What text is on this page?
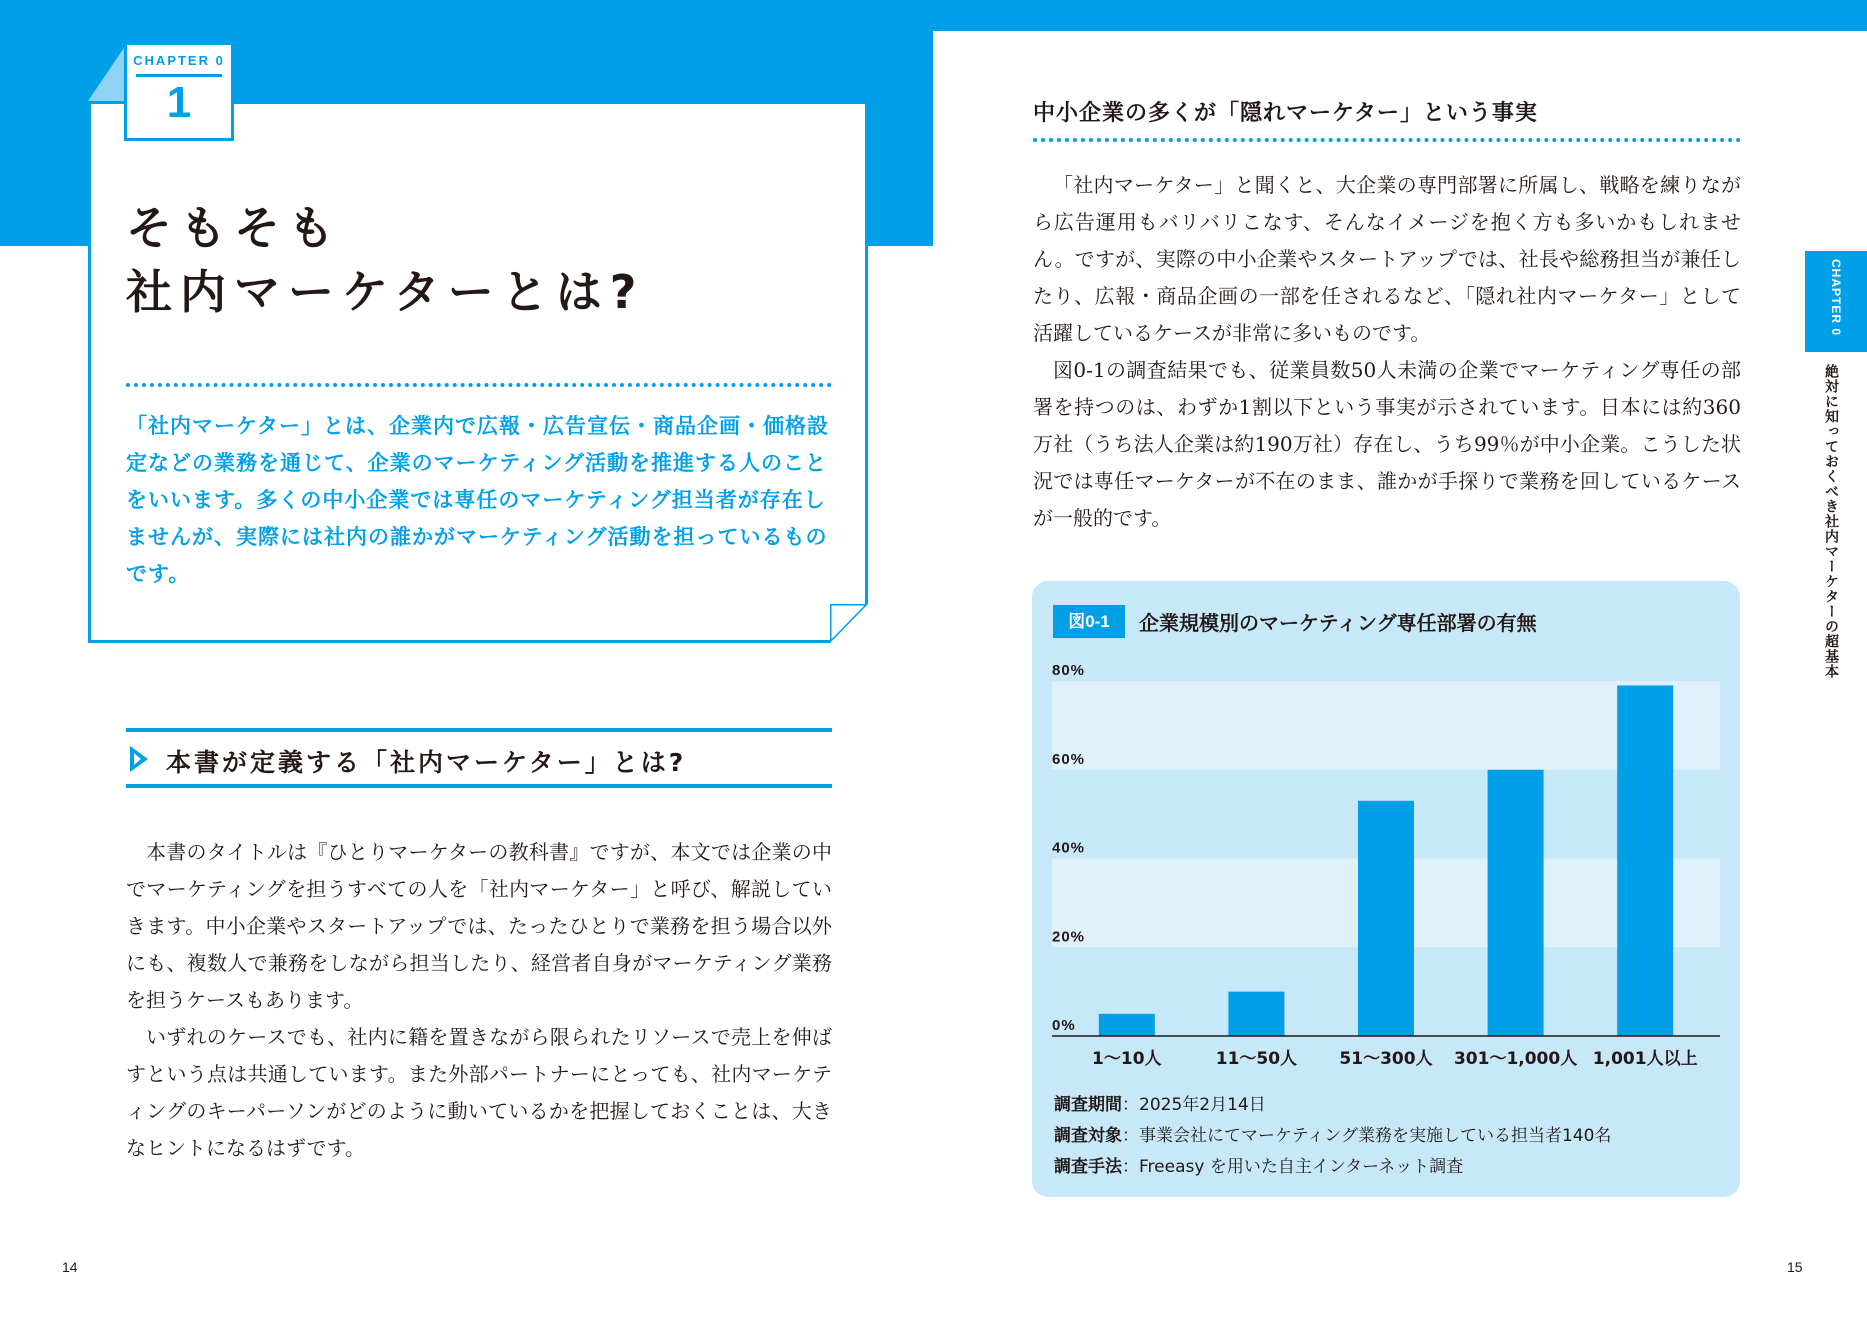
CHAPTER 0
1
そもそも
社内マーケターとは?
「社内マーケター」とは、企業内で広報・広告宣伝・商品企画・価格設定などの業務を通じて、企業のマーケティング活動を推進する人のことをいいます。多くの中小企業では専任のマーケティング担当者が存在しませんが、実際には社内の誰かがマーケティング活動を担っているものです。
本書が定義する「社内マーケター」とは?

本書のタイトルは『ひとりマーケターの教科書』ですが、本文では企業の中でマーケティングを担うすべての人を「社内マーケター」と呼び、解説していきます。中小企業やスタートアップでは、たったひとりで業務を担う場合以外にも、複数人で兼務をしながら担当したり、経営者自身がマーケティング業務を担うケースもあります。

いずれのケースでも、社内に籍を置きながら限られたリソースで売上を伸ばすという点は共通しています。また外部パートナーにとっても、社内マーケティングのキーパーソンがどのように動いているかを把握しておくことは、大きなヒントになるはずです。

14
中小企業の多くが「隠れマーケター」という事実

「社内マーケター」と聞くと、大企業の専門部署に所属し、戦略を練りながら広告運用もバリバリこなす、そんなイメージを抱く方も多いかもしれません。ですが、実際の中小企業やスタートアップでは、社長や総務担当が兼任したり、広報・商品企画の一部を任されるなど、「隠れ社内マーケター」として活躍しているケースが非常に多いものです。

図0-1の調査結果でも、従業員数50人未満の企業でマーケティング専任の部署を持つのは、わずか1割以下という事実が示されています。日本には約360万社（うち法人企業は約190万社）存在し、うち99％が中小企業。こうした状況では専任マーケターが不在のまま、誰かが手探りで業務を回しているケースが一般的です。

CHAPTER 0
絶対に知っておくべき社内マーケターの超基本
図0-1	企業規模別のマーケティング専任部署の有無
0%
20%
40%
60%
80%
1～10人	11～50人 51～300人 301～1,000人 1,001人以上
調査期間：2025年2月14日
調査対象：事業会社にてマーケティング業務を実施している担当者140名
調査手法：Freeasy を用いた自主インターネット調査
15
